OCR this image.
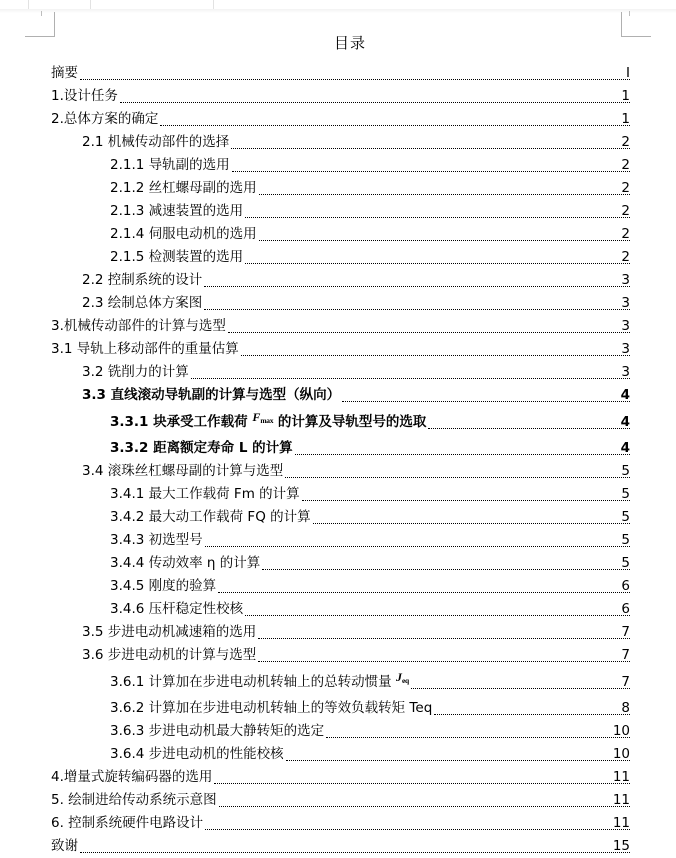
目录
摘要	I
1.设计任务	1
2.总体方案的确定	1
2.1 机械传动部件的选择	2
2.1.1 导轨副的选用	2
2.1.2 丝杠螺母副的选用	2
2.1.3 减速装置的选用	2
2.1.4 伺服电动机的选用	2
2.1.5 检测装置的选用	2
2.2 控制系统的设计	3
2.3 绘制总体方案图	3
3.机械传动部件的计算与选型	3
3.1 导轨上移动部件的重量估算	3
3.2 铣削力的计算	3
3.3 直线滚动导轨副的计算与选型（纵向）	4
3.3.1 块承受工作载荷 $F_{max}$ 的计算及导轨型号的选取	4
3.3.2 距离额定寿命 L 的计算	4
3.4 滚珠丝杠螺母副的计算与选型	5
3.4.1 最大工作载荷 Fm 的计算	5
3.4.2 最大动工作载荷 FQ 的计算	5
3.4.3 初选型号	5
3.4.4 传动效率 η 的计算	5
3.4.5 刚度的验算	6
3.4.6 压杆稳定性校核	6
3.5 步进电动机减速箱的选用	7
3.6 步进电动机的计算与选型	7
3.6.1 计算加在步进电动机转轴上的总转动惯量 $J_{eq}$	7
3.6.2 计算加在步进电动机转轴上的等效负载转矩 Teq	8
3.6.3 步进电动机最大静转矩的选定	10
3.6.4 步进电动机的性能校核	10
4.增量式旋转编码器的选用	11
5. 绘制进给传动系统示意图	11
6. 控制系统硬件电路设计	11
致谢	15
